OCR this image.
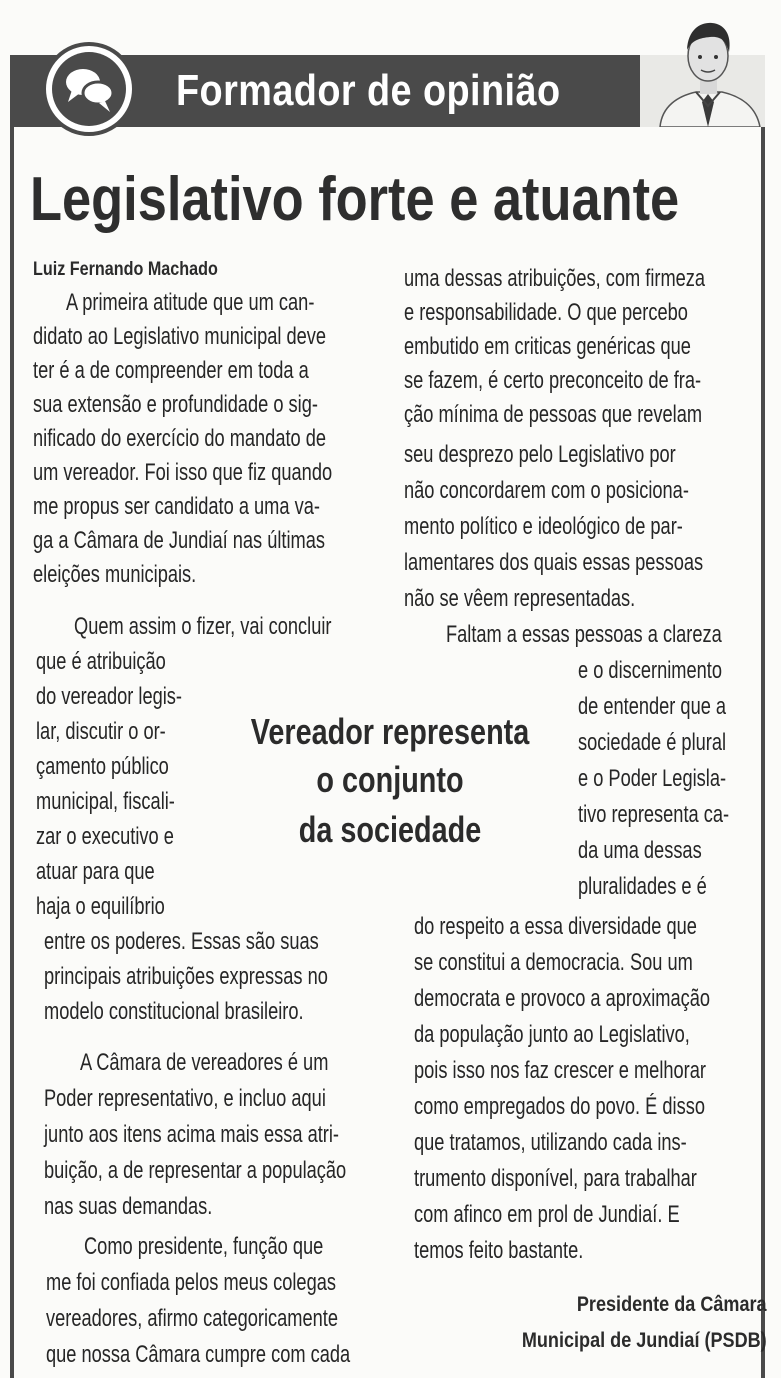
Formador de opinião
Legislativo forte e atuante
Luiz Fernando Machado
A primeira atitude que um can-
didato ao Legislativo municipal deve
ter é a de compreender em toda a
sua extensão e profundidade o sig-
nificado do exercício do mandato de
um vereador. Foi isso que fiz quando
me propus ser candidato a uma va-
ga a Câmara de Jundiaí nas últimas
eleições municipais.
Quem assim o fizer, vai concluir
que é atribuição
do vereador legis-
lar, discutir o or-
çamento público
municipal, fiscali-
zar o executivo e
atuar para que
haja o equilíbrio
entre os poderes. Essas são suas
principais atribuições expressas no
modelo constitucional brasileiro.
A Câmara de vereadores é um
Poder representativo, e incluo aqui
junto aos itens acima mais essa atri-
buição, a de representar a população
nas suas demandas.
Como presidente, função que
me foi confiada pelos meus colegas
vereadores, afirmo categoricamente
que nossa Câmara cumpre com cada
uma dessas atribuições, com firmeza
e responsabilidade. O que percebo
embutido em criticas genéricas que
se fazem, é certo preconceito de fra-
ção mínima de pessoas que revelam
seu desprezo pelo Legislativo por
não concordarem com o posiciona-
mento político e ideológico de par-
lamentares dos quais essas pessoas
não se vêem representadas.
Faltam a essas pessoas a clareza
e o discernimento
de entender que a
sociedade é plural
e o Poder Legisla-
tivo representa ca-
da uma dessas
pluralidades e é
do respeito a essa diversidade que
se constitui a democracia. Sou um
democrata e provoco a aproximação
da população junto ao Legislativo,
pois isso nos faz crescer e melhorar
como empregados do povo. É disso
que tratamos, utilizando cada ins-
trumento disponível, para trabalhar
com afinco em prol de Jundiaí. E
temos feito bastante.
Vereador representa
o conjunto
da sociedade
Presidente da Câmara
Municipal de Jundiaí (PSDB)
